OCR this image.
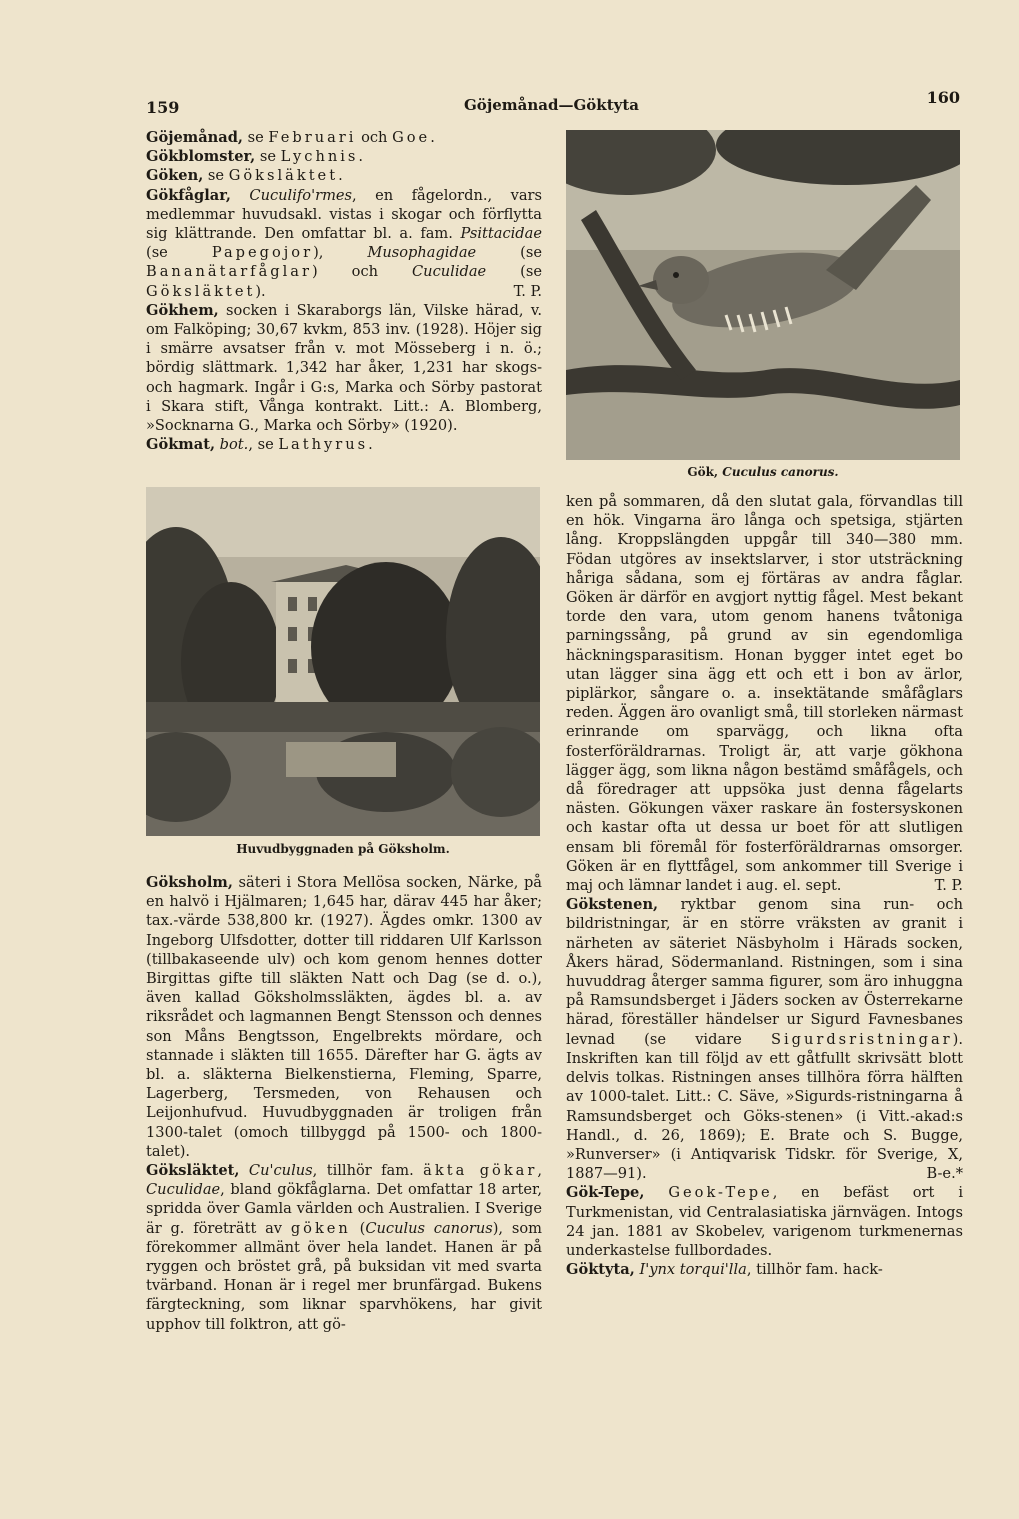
159	Göjemånad—Göktyta	160

Göjemånad, se Februari och Goe.

Gökblomster, se Lychnis.

Göken, se Göksläktet.

Gökfåglar, Cuculifo'rmes, en fågelordn., vars medlemmar huvudsakl. vistas i skogar och förflytta sig klättrande. Den omfattar bl. a. fam. Psittacidae (se Papegojor), Musophagidae (se Bananätarfåglar) och Cuculidae (se Göksläktet).	T. P.

Gökhem, socken i Skaraborgs län, Vilske härad, v. om Falköping; 30,67 kvkm, 853 inv. (1928). Höjer sig i smärre avsatser från v. mot Mösseberg i n. ö.; bördig slättmark. 1,342 har åker, 1,231 har skogs- och hagmark. Ingår i G:s, Marka och Sörby pastorat i Skara stift, Vånga kontrakt. Litt.: A. Blomberg, »Socknarna G., Marka och Sörby» (1920).

Gökmat, bot., se Lathyrus.

Huvudbyggnaden på Göksholm.

Göksholm, säteri i Stora Mellösa socken, Närke, på en halvö i Hjälmaren; 1,645 har, därav 445 har åker; tax.-värde 538,800 kr. (1927). Ägdes omkr. 1300 av Ingeborg Ulfsdotter, dotter till riddaren Ulf Karlsson (tillbakaseende ulv) och kom genom hennes dotter Birgittas gifte till släkten Natt och Dag (se d. o.), även kallad Göksholmssläkten, ägdes bl. a. av riksrådet och lagmannen Bengt Stensson och dennes son Måns Bengtsson, Engelbrekts mördare, och stannade i släkten till 1655. Därefter har G. ägts av bl. a. släkterna Bielkenstierna, Fleming, Sparre, Lagerberg, Tersmeden, von Rehausen och Leijonhufvud. Huvudbyggnaden är troligen från 1300-talet (omoch tillbyggd på 1500- och 1800-talet).

Göksläktet, Cu'culus, tillhör fam. äkta gökar, Cuculidae, bland gökfåglarna. Det omfattar 18 arter, spridda över Gamla världen och Australien. I Sverige är g. företrätt av göken (Cuculus canorus), som förekommer allmänt över hela landet. Hanen är på ryggen och bröstet grå, på buksidan vit med svarta tvärband. Honan är i regel mer brunfärgad. Bukens färgteckning, som liknar sparvhökens, har givit upphov till folktron, att gö-

Gök, Cuculus canorus.

ken på sommaren, då den slutat gala, förvandlas till en hök. Vingarna äro långa och spetsiga, stjärten lång. Kroppslängden uppgår till 340—380 mm. Födan utgöres av insektslarver, i stor utsträckning håriga sådana, som ej förtäras av andra fåglar. Göken är därför en avgjort nyttig fågel. Mest bekant torde den vara, utom genom hanens tvåtoniga parningssång, på grund av sin egendomliga häckningsparasitism. Honan bygger intet eget bo utan lägger sina ägg ett och ett i bon av ärlor, piplärkor, sångare o. a. insektätande småfåglars reden. Äggen äro ovanligt små, till storleken närmast erinrande om sparvägg, och likna ofta fosterföräldrarnas. Troligt är, att varje gökhona lägger ägg, som likna någon bestämd småfågels, och då föredrager att uppsöka just denna fågelarts nästen. Gökungen växer raskare än fostersyskonen och kastar ofta ut dessa ur boet för att slutligen ensam bli föremål för fosterföräldrarnas omsorger. Göken är en flyttfågel, som ankommer till Sverige i maj och lämnar landet i aug. el. sept.	T. P.

Gökstenen, ryktbar genom sina run- och bildristningar, är en större vräksten av granit i närheten av säteriet Näsbyholm i Härads socken, Åkers härad, Södermanland. Ristningen, som i sina huvuddrag återger samma figurer, som äro inhuggna på Ramsundsberget i Jäders socken av Österrekarne härad, föreställer händelser ur Sigurd Favnesbanes levnad (se vidare Sigurdsristningar). Inskriften kan till följd av ett gåtfullt skrivsätt blott delvis tolkas. Ristningen anses tillhöra förra hälften av 1000-talet. Litt.: C. Säve, »Sigurds-ristningarna å Ramsundsberget och Göks-stenen» (i Vitt.-akad:s Handl., d. 26, 1869); E. Brate och S. Bugge, »Runverser» (i Antiqvarisk Tidskr. för Sverige, X, 1887—91).	B-e.*

Gök-Tepe, Geok-Tepe, en befäst ort i Turkmenistan, vid Centralasiatiska järnvägen. Intogs 24 jan. 1881 av Skobelev, varigenom turkmenernas underkastelse fullbordades.

Göktyta, I'ynx torqui'lla, tillhör fam. hack-
